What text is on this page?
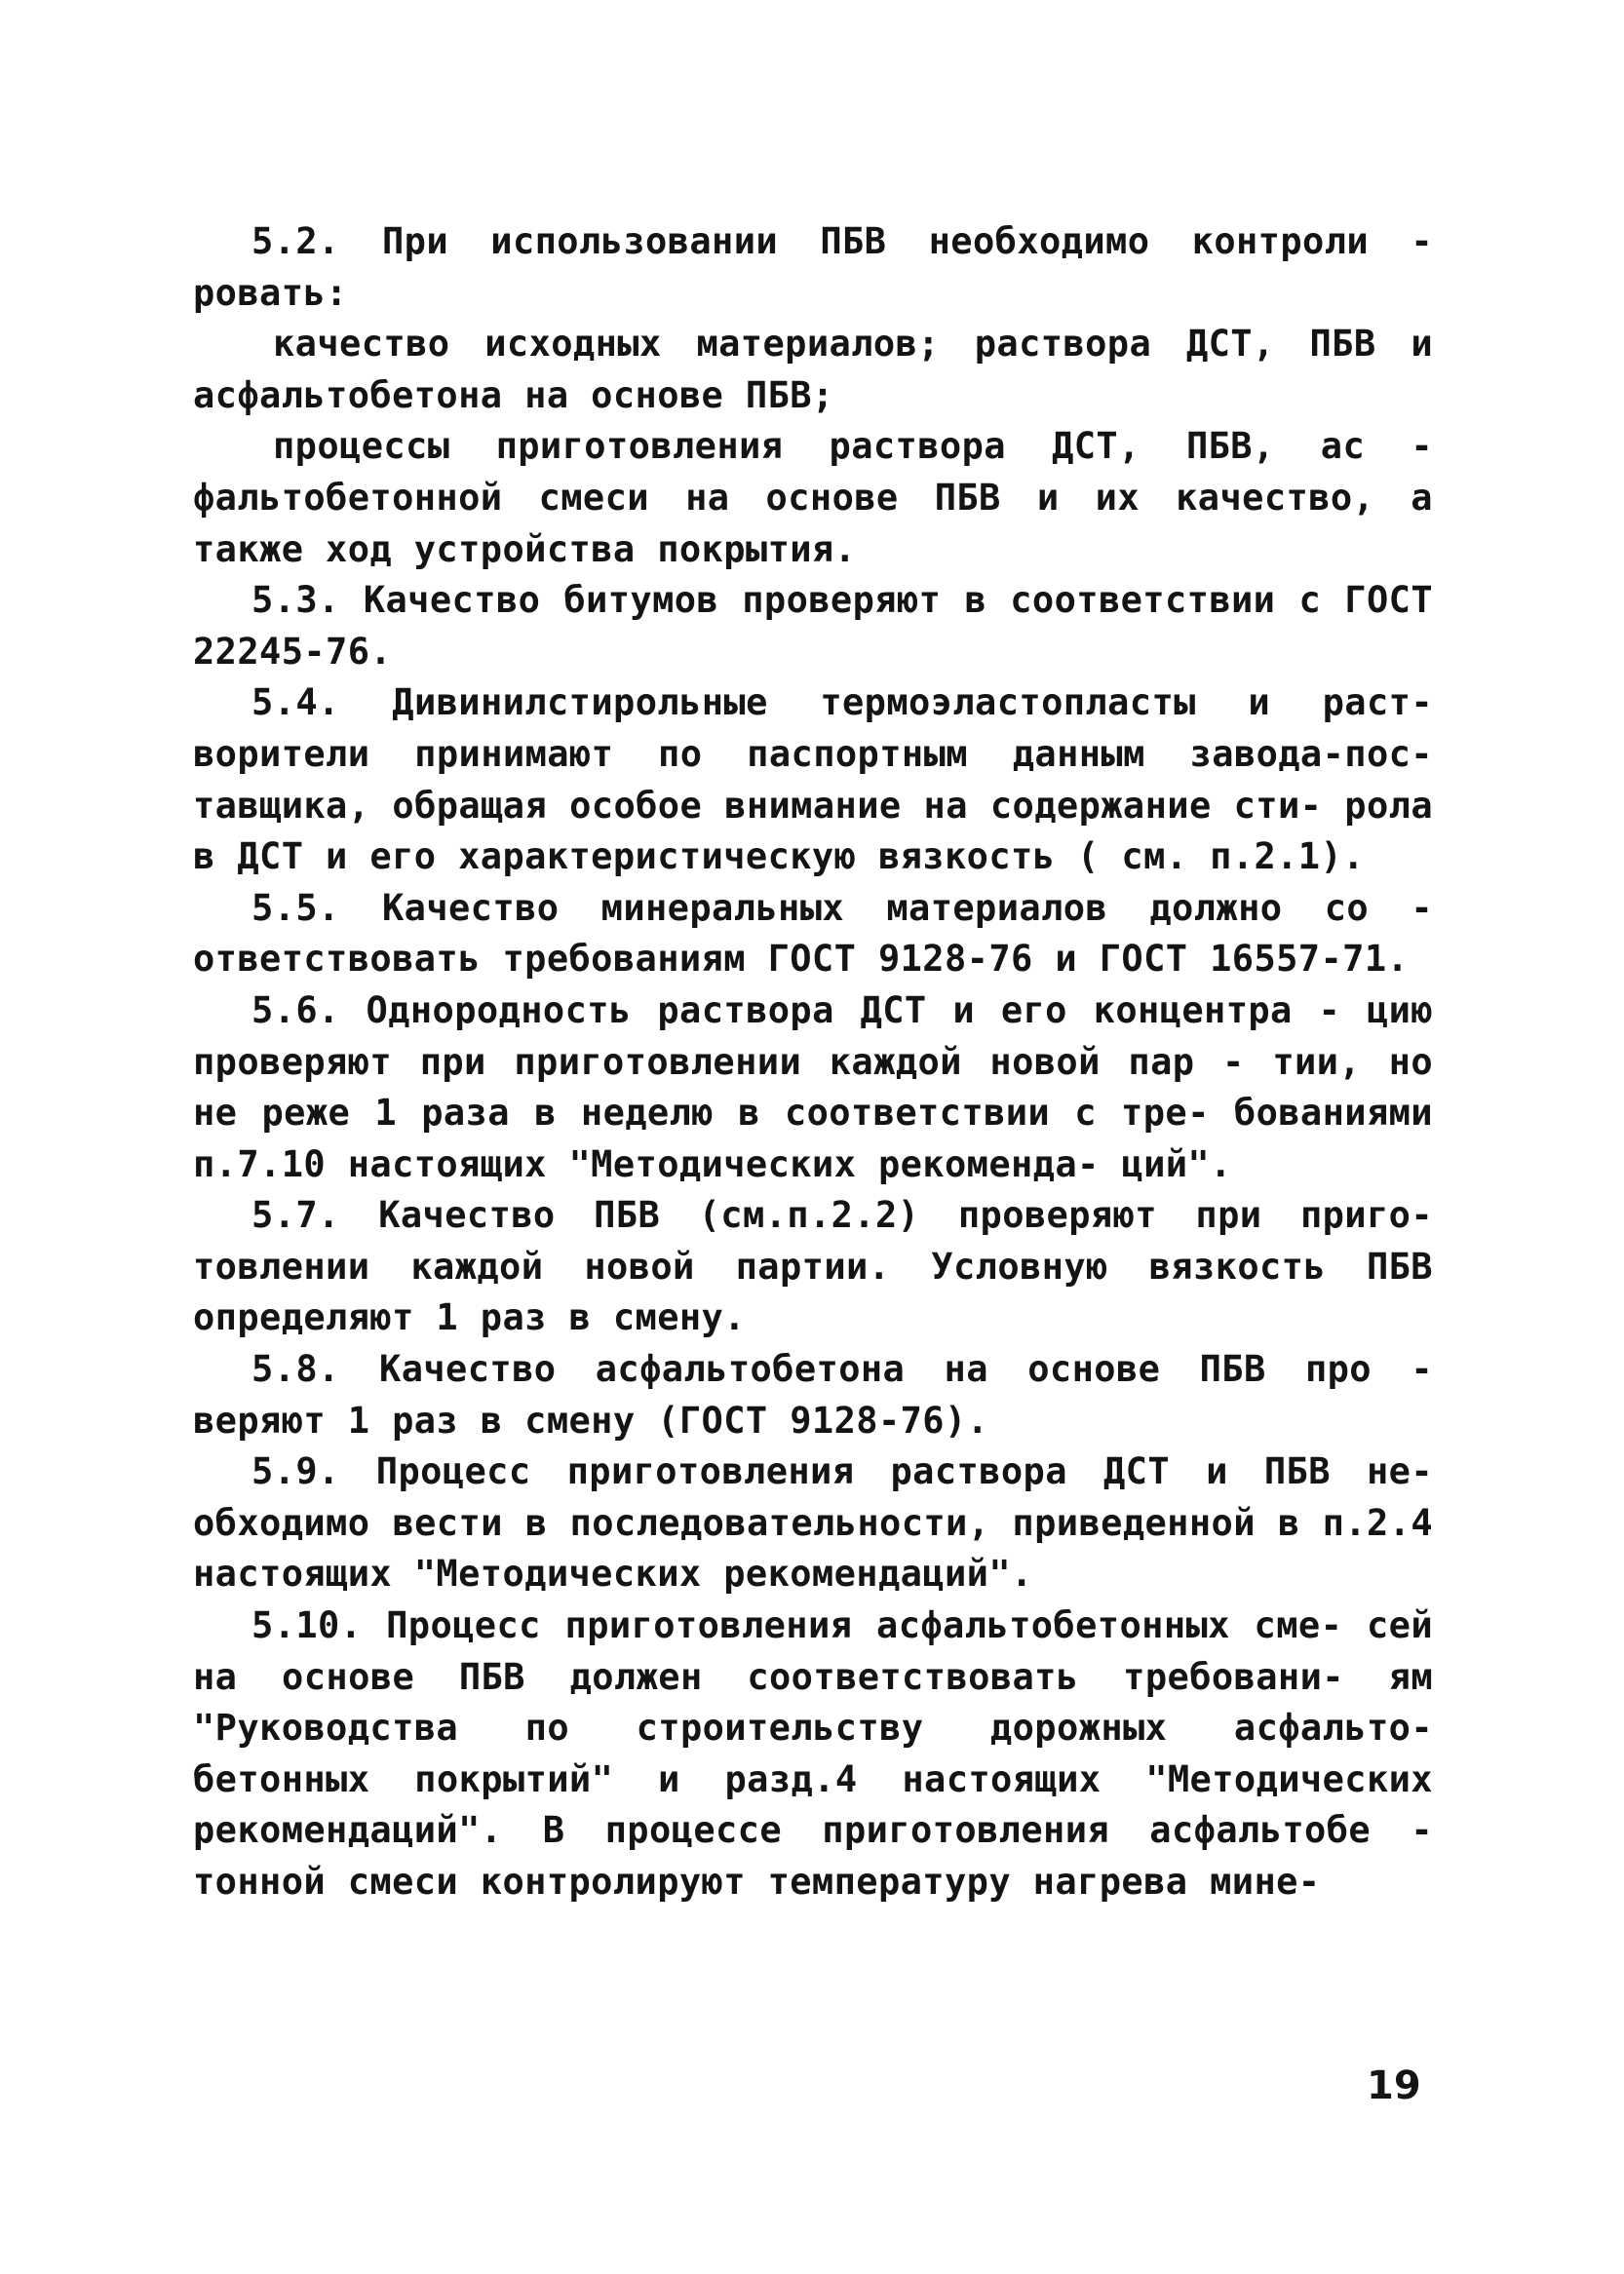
5.2. При использовании ПБВ необходимо контроли - ровать:

качество исходных материалов; раствора ДСТ, ПБВ и асфальтобетона на основе ПБВ;

процессы приготовления раствора ДСТ, ПБВ, ас - фальтобетонной смеси на основе ПБВ и их качество, а также ход устройства покрытия.

5.3. Качество битумов проверяют в соответствии с ГОСТ 22245-76.

5.4. Дивинилстирольные термоэластопласты и раст- ворители принимают по паспортным данным завода-пос- тавщика, обращая особое внимание на содержание сти- рола в ДСТ и его характеристическую вязкость ( см. п.2.1).

5.5. Качество минеральных материалов должно со - ответствовать требованиям ГОСТ 9128-76 и ГОСТ 16557-71.

5.6. Однородность раствора ДСТ и его концентра - цию проверяют при приготовлении каждой новой пар - тии, но не реже 1 раза в неделю в соответствии с тре- бованиями п.7.10 настоящих "Методических рекоменда- ций".

5.7. Качество ПБВ (см.п.2.2) проверяют при приго- товлении каждой новой партии. Условную вязкость ПБВ определяют 1 раз в смену.

5.8. Качество асфальтобетона на основе ПБВ про - веряют 1 раз в смену (ГОСТ 9128-76).

5.9. Процесс приготовления раствора ДСТ и ПБВ не- обходимо вести в последовательности, приведенной в п.2.4 настоящих "Методических рекомендаций".

5.10. Процесс приготовления асфальтобетонных сме- сей на основе ПБВ должен соответствовать требовани- ям "Руководства по строительству дорожных асфальто- бетонных покрытий" и разд.4 настоящих "Методических рекомендаций". В процессе приготовления асфальтобе - тонной смеси контролируют температуру нагрева мине-

19
